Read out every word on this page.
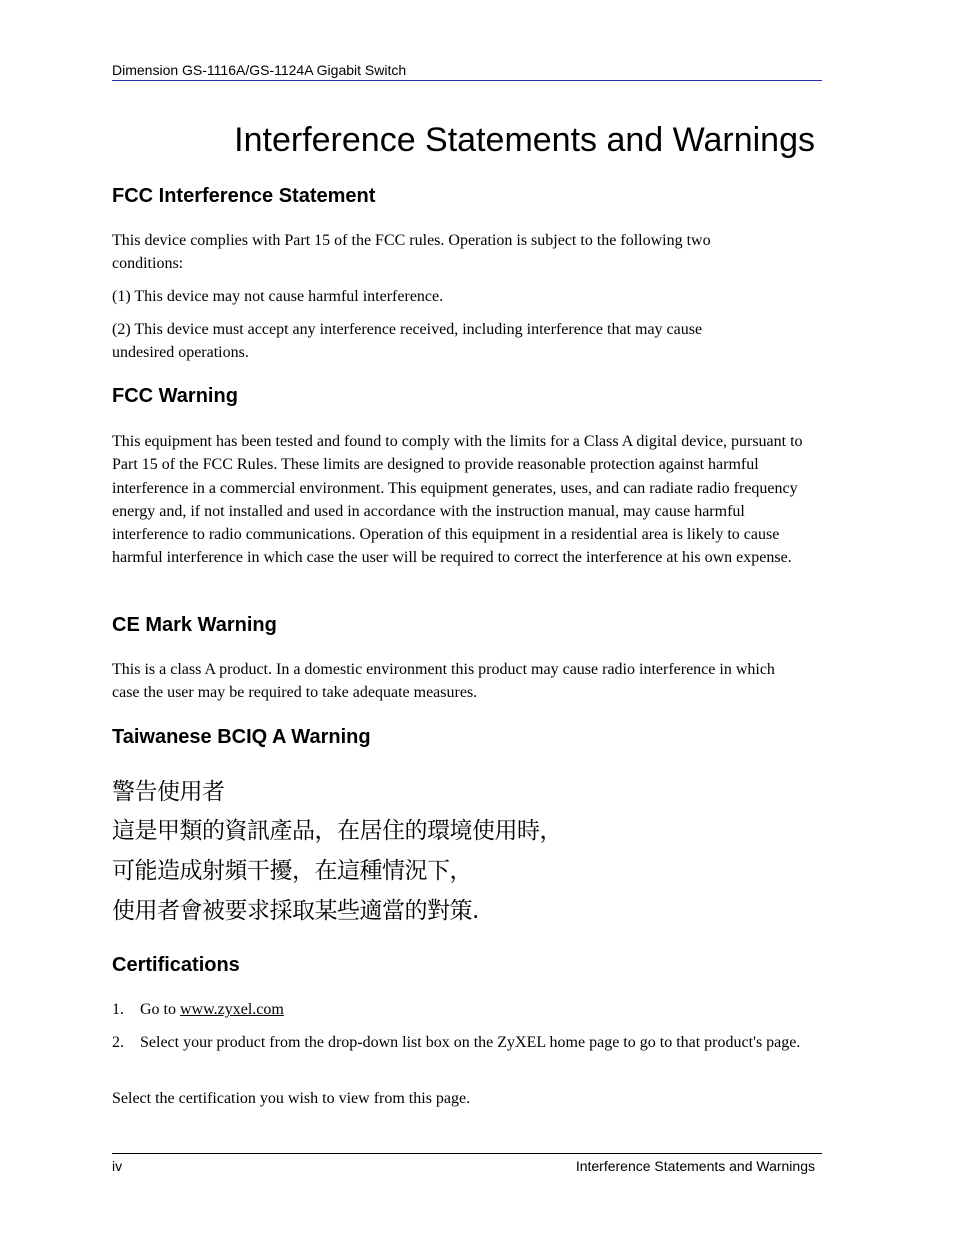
Dimension GS-1116A/GS-1124A Gigabit Switch
Interference Statements and Warnings
FCC Interference Statement

This device complies with Part 15 of the FCC rules. Operation is subject to the following two conditions:

(1) This device may not cause harmful interference.

(2) This device must accept any interference received, including interference that may cause undesired operations.

FCC Warning

This equipment has been tested and found to comply with the limits for a Class A digital device, pursuant to Part 15 of the FCC Rules. These limits are designed to provide reasonable protection against harmful interference in a commercial environment. This equipment generates, uses, and can radiate radio frequency energy and, if not installed and used in accordance with the instruction manual, may cause harmful interference to radio communications. Operation of this equipment in a residential area is likely to cause harmful interference in which case the user will be required to correct the interference at his own expense.

CE Mark Warning

This is a class A product. In a domestic environment this product may cause radio interference in which case the user may be required to take adequate measures.

Taiwanese BCIQ A Warning
警告使用者
這是甲類的資訊產品，在居住的環境使用時，
可能造成射頻干擾，在這種情況下，
使用者會被要求採取某些適當的對策.
Certifications
1.	Go to www.zyxel.com
2.	Select your product from the drop-down list box on the ZyXEL home page to go to that product's page.

Select the certification you wish to view from this page.

iv	Interference Statements and Warnings
